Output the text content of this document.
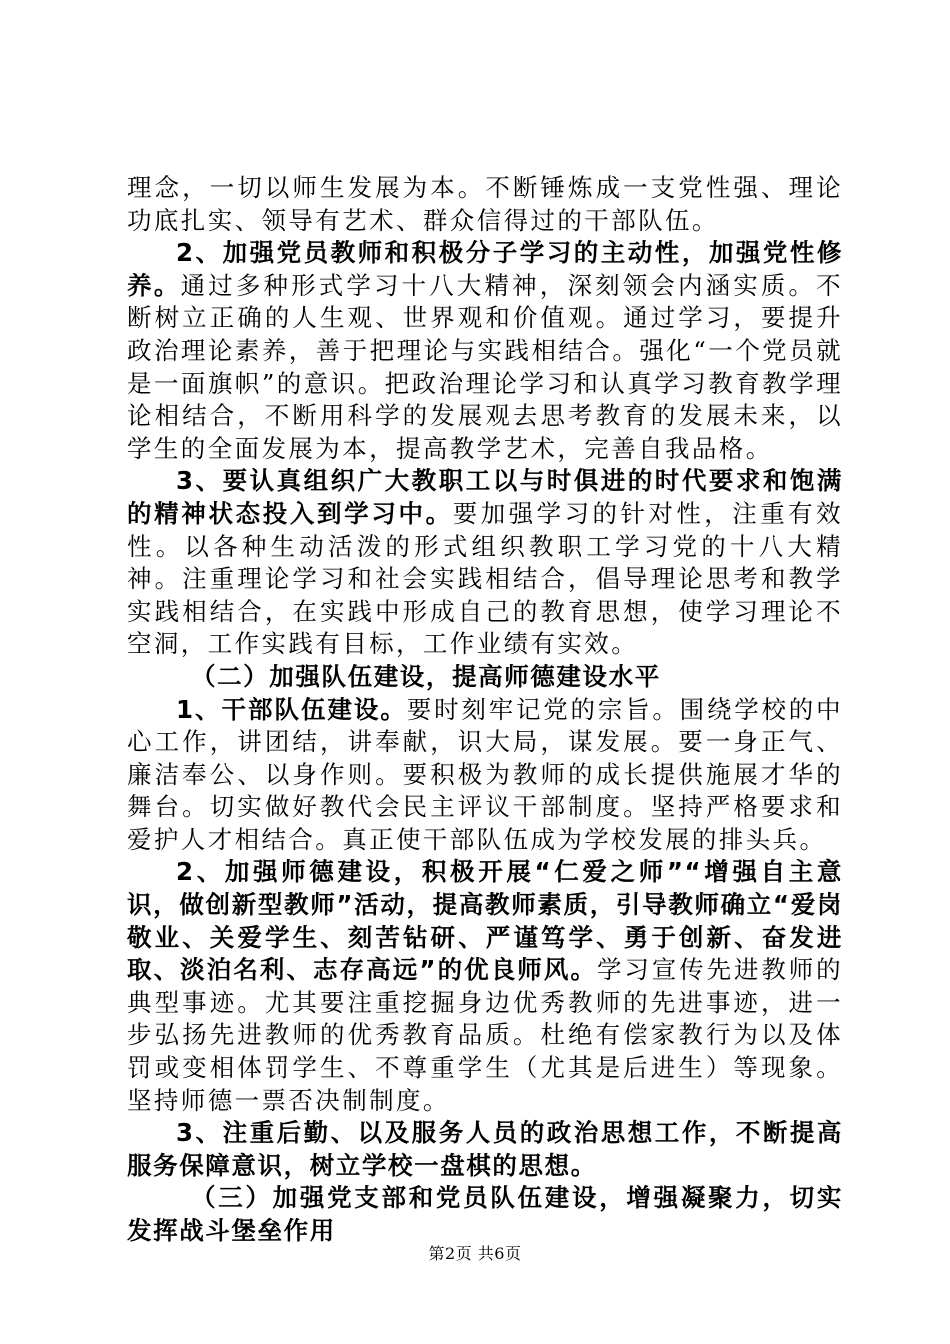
理念，一切以师生发展为本。不断锤炼成一支党性强、理论功底扎实、领导有艺术、群众信得过的干部队伍。

2、加强党员教师和积极分子学习的主动性，加强党性修养。通过多种形式学习十八大精神，深刻领会内涵实质。不断树立正确的人生观、世界观和价值观。通过学习，要提升政治理论素养，善于把理论与实践相结合。强化“一个党员就是一面旗帜”的意识。把政治理论学习和认真学习教育教学理论相结合，不断用科学的发展观去思考教育的发展未来，以学生的全面发展为本，提高教学艺术，完善自我品格。

3、要认真组织广大教职工以与时俱进的时代要求和饱满的精神状态投入到学习中。要加强学习的针对性，注重有效性。以各种生动活泼的形式组织教职工学习党的十八大精神。注重理论学习和社会实践相结合，倡导理论思考和教学实践相结合，在实践中形成自己的教育思想，使学习理论不空洞，工作实践有目标，工作业绩有实效。

（二）加强队伍建设，提高师德建设水平

1、干部队伍建设。要时刻牢记党的宗旨。围绕学校的中心工作，讲团结，讲奉献，识大局，谋发展。要一身正气、廉洁奉公、以身作则。要积极为教师的成长提供施展才华的舞台。切实做好教代会民主评议干部制度。坚持严格要求和爱护人才相结合。真正使干部队伍成为学校发展的排头兵。

2、加强师德建设，积极开展“仁爱之师”“增强自主意识，做创新型教师”活动，提高教师素质，引导教师确立“爱岗敬业、关爱学生、刻苦钻研、严谨笃学、勇于创新、奋发进取、淡泊名利、志存高远”的优良师风。学习宣传先进教师的典型事迹。尤其要注重挖掘身边优秀教师的先进事迹，进一步弘扬先进教师的优秀教育品质。杜绝有偿家教行为以及体罚或变相体罚学生、不尊重学生（尤其是后进生）等现象。坚持师德一票否决制制度。

3、注重后勤、以及服务人员的政治思想工作，不断提高服务保障意识，树立学校一盘棋的思想。

（三）加强党支部和党员队伍建设，增强凝聚力，切实发挥战斗堡垒作用

第2页 共6页
